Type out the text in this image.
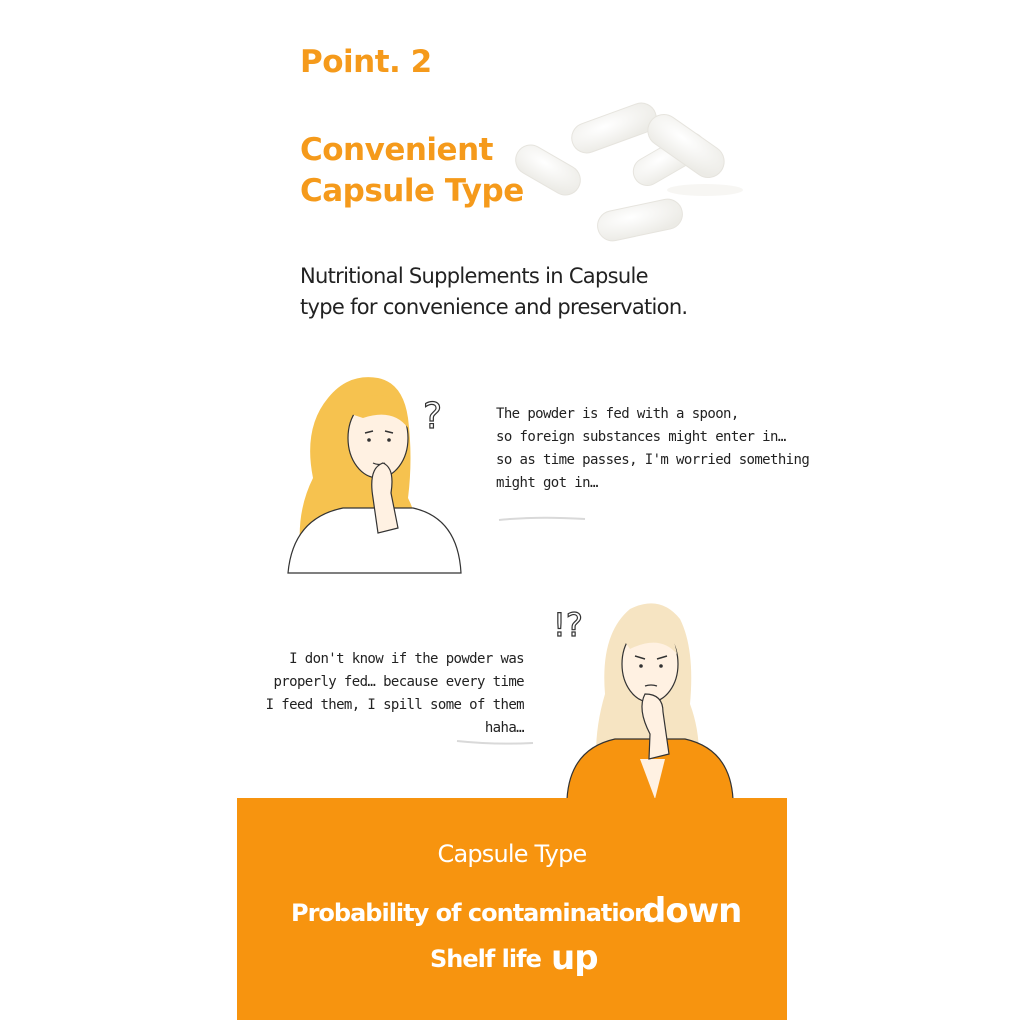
Point. 2
Convenient
Capsule Type
Nutritional Supplements in Capsule
type for convenience and preservation.
?	The powder is fed with a spoon,
so foreign substances might enter in…
so as time passes, I'm worried something
might got in…
I don't know if the powder was
properly fed… because every time
I feed them, I spill some of them haha…
!?
Capsule Type
Probability of contamination
down
Shelf life up
